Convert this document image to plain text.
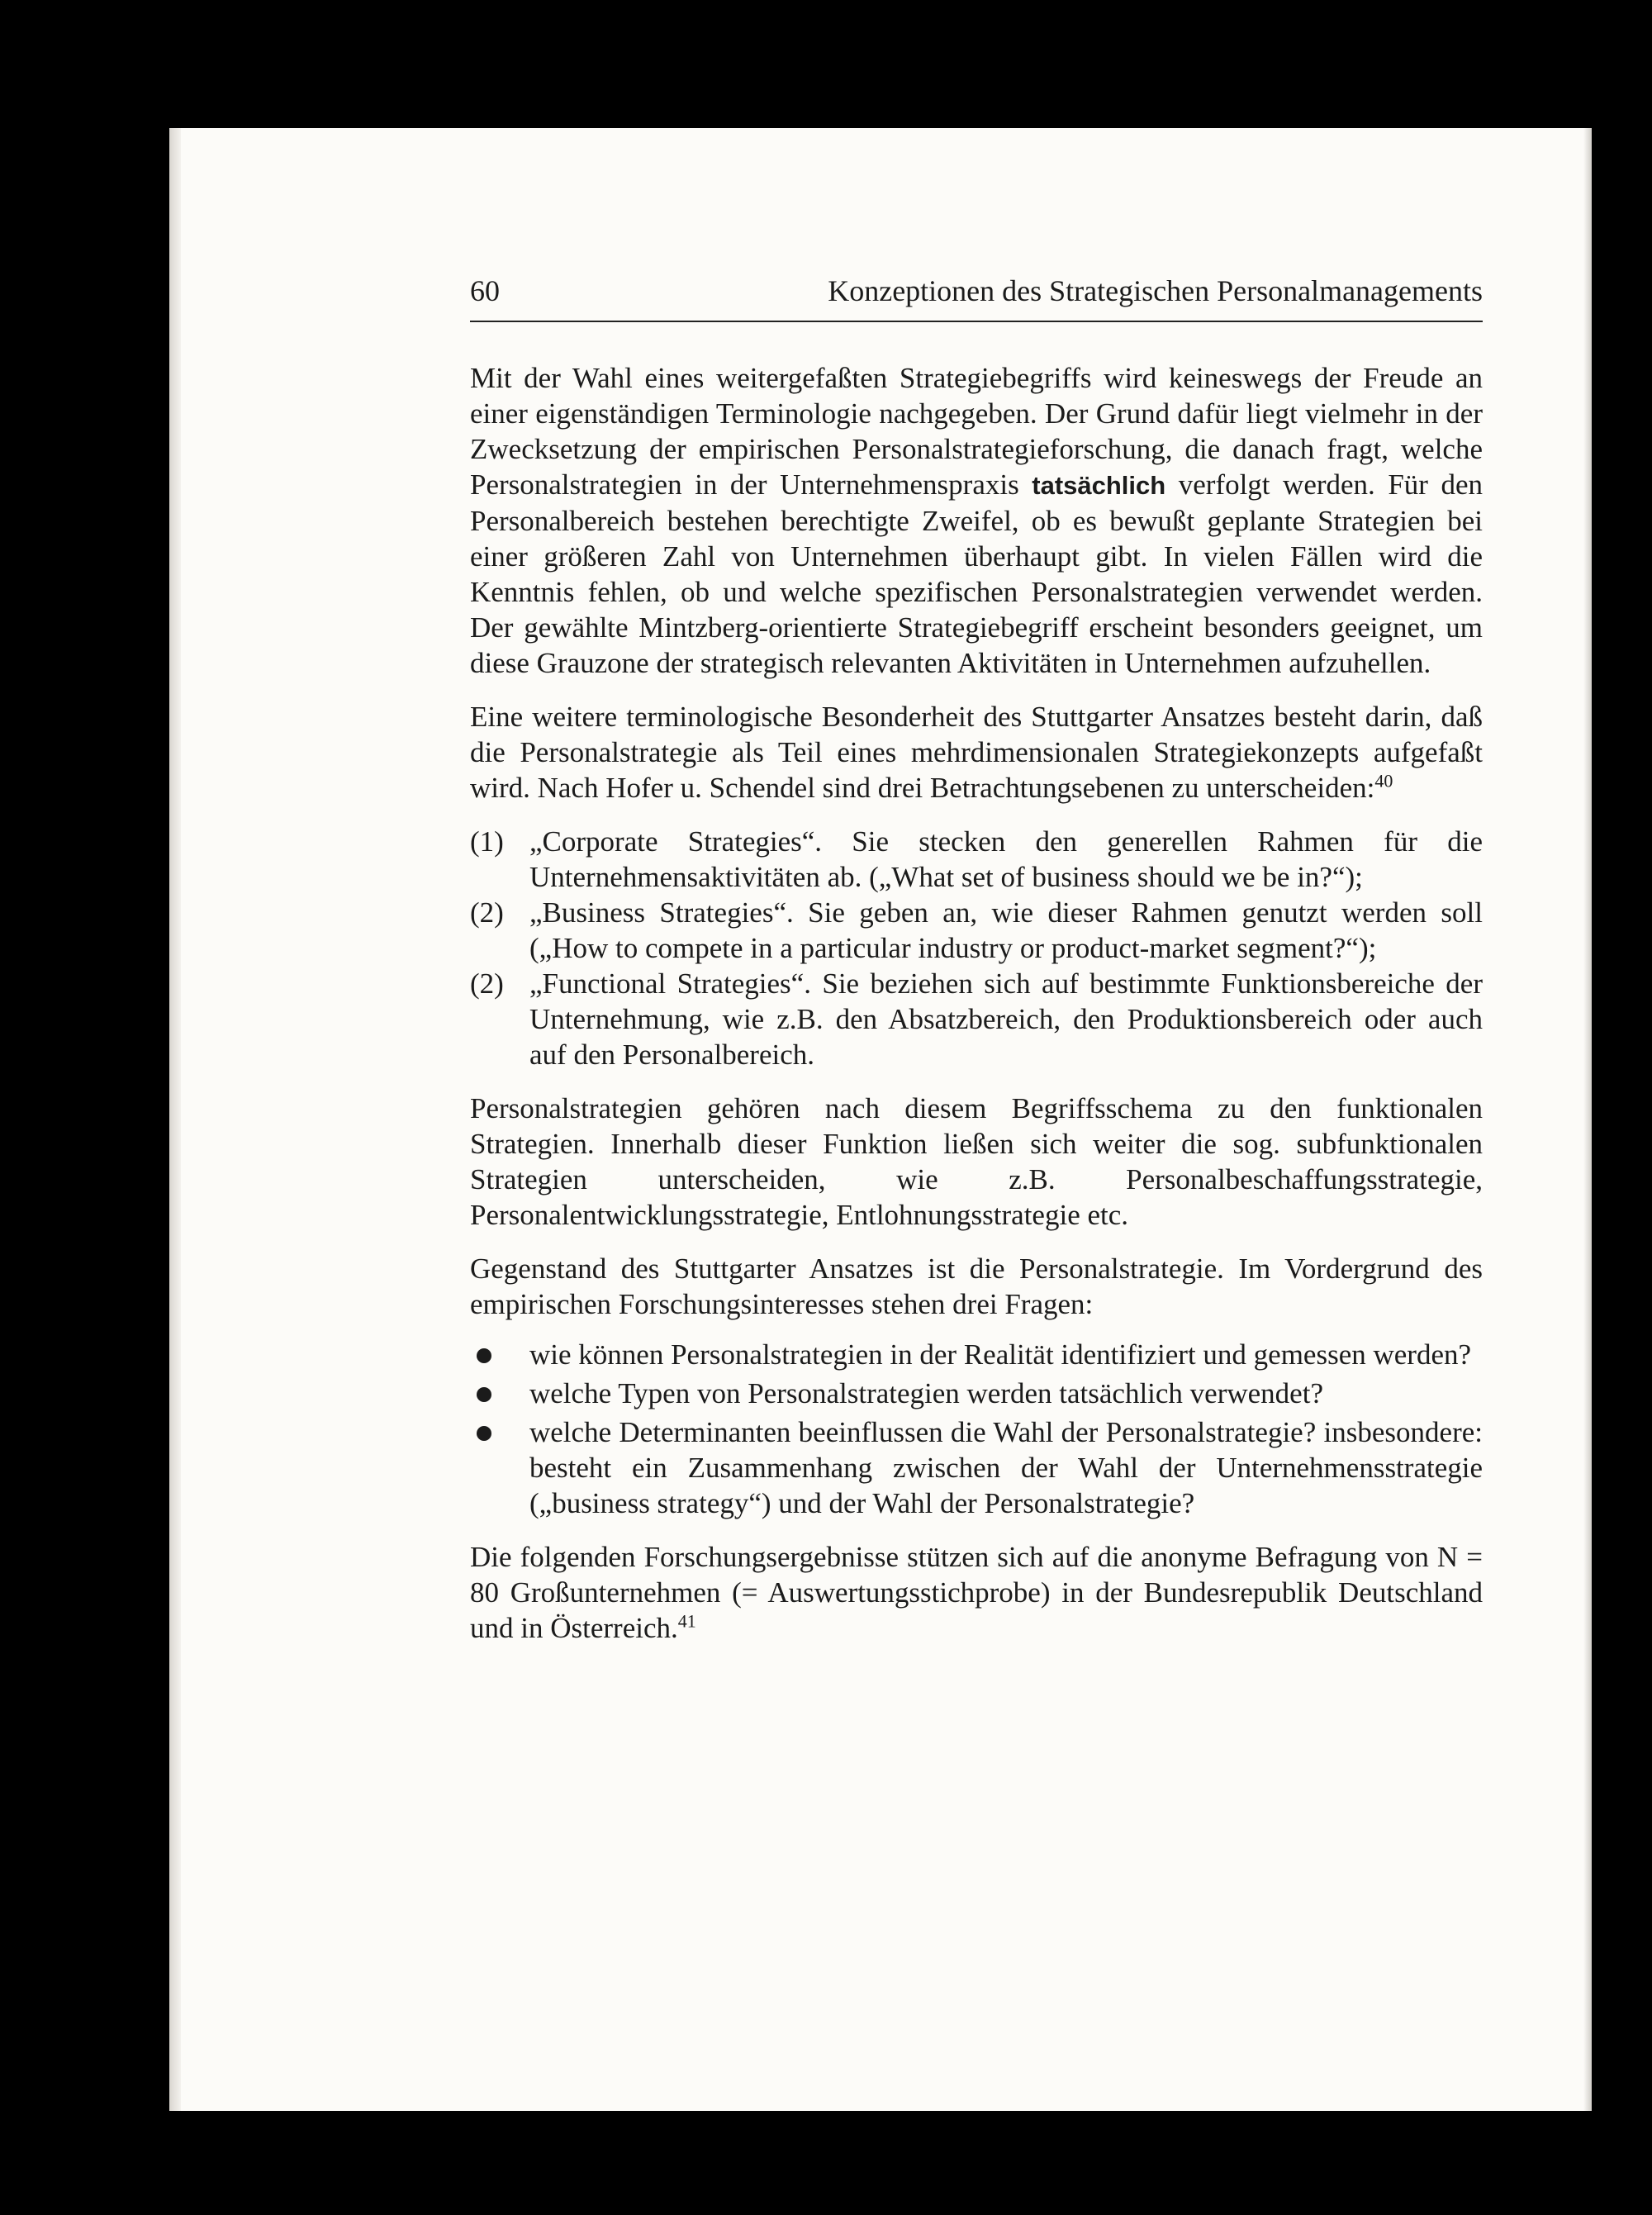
60	Konzeptionen des Strategischen Personalmanagements

Mit der Wahl eines weitergefaßten Strategiebegriffs wird keineswegs der Freude an einer eigenständigen Terminologie nachgegeben. Der Grund dafür liegt vielmehr in der Zwecksetzung der empirischen Personalstrategieforschung, die danach fragt, welche Personalstrategien in der Unternehmenspraxis tatsächlich verfolgt werden. Für den Personalbereich bestehen berechtigte Zweifel, ob es bewußt geplante Strategien bei einer größeren Zahl von Unternehmen überhaupt gibt. In vielen Fällen wird die Kenntnis fehlen, ob und welche spezifischen Personalstrategien verwendet werden. Der gewählte Mintzberg-orientierte Strategiebegriff erscheint besonders geeignet, um diese Grauzone der strategisch relevanten Aktivitäten in Unternehmen aufzuhellen.

Eine weitere terminologische Besonderheit des Stuttgarter Ansatzes besteht darin, daß die Personalstrategie als Teil eines mehrdimensionalen Strategiekonzepts aufgefaßt wird. Nach Hofer u. Schendel sind drei Betrachtungsebenen zu unterscheiden:$^{40}$

(1) „Corporate Strategies“. Sie stecken den generellen Rahmen für die Unternehmensaktivitäten ab. („What set of business should we be in?“);
(2) „Business Strategies“. Sie geben an, wie dieser Rahmen genutzt werden soll („How to compete in a particular industry or product-market segment?“);
(2) „Functional Strategies“. Sie beziehen sich auf bestimmte Funktionsbereiche der Unternehmung, wie z.B. den Absatzbereich, den Produktionsbereich oder auch auf den Personalbereich.

Personalstrategien gehören nach diesem Begriffsschema zu den funktionalen Strategien. Innerhalb dieser Funktion ließen sich weiter die sog. subfunktionalen Strategien unterscheiden, wie z.B. Personalbeschaffungsstrategie, Personalentwicklungsstrategie, Entlohnungsstrategie etc.

Gegenstand des Stuttgarter Ansatzes ist die Personalstrategie. Im Vordergrund des empirischen Forschungsinteresses stehen drei Fragen:

wie können Personalstrategien in der Realität identifiziert und gemessen werden?
welche Typen von Personalstrategien werden tatsächlich verwendet?
welche Determinanten beeinflussen die Wahl der Personalstrategie? insbesondere: besteht ein Zusammenhang zwischen der Wahl der Unternehmensstrategie („business strategy“) und der Wahl der Personalstrategie?

Die folgenden Forschungsergebnisse stützen sich auf die anonyme Befragung von N = 80 Großunternehmen (= Auswertungsstichprobe) in der Bundesrepublik Deutschland und in Österreich.$^{41}$
